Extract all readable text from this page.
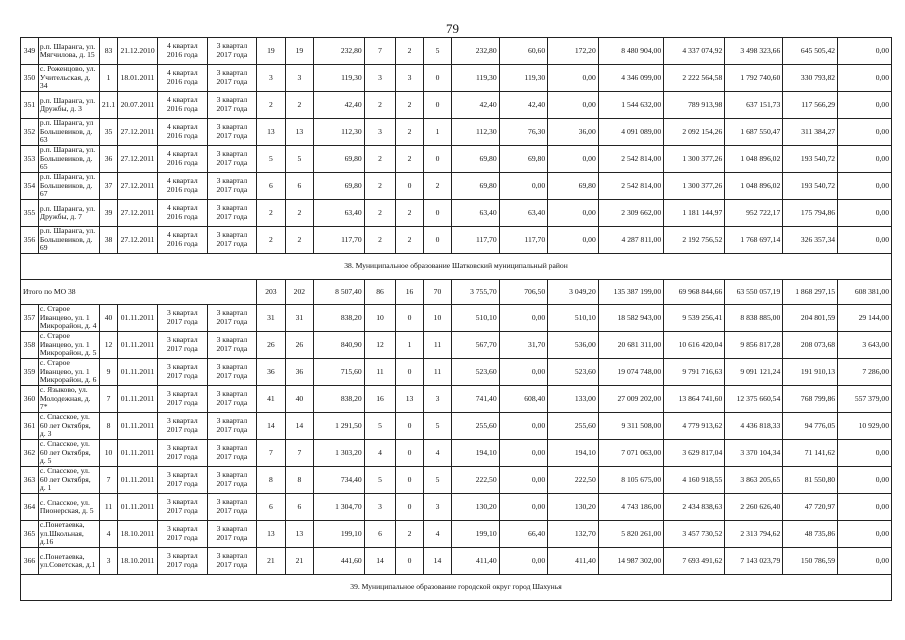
79
349	р.п. Шаранга, ул. Мягчилова, д. 15	83	21.12.2010	4 квартал 2016 года	3 квартал 2017 года	19	19	232,80	7	2	5	232,80	60,60	172,20	8 480 904,00	4 337 074,92	3 498 323,66	645 505,42	0,00
350	с. Роженцово, ул. Учительская, д. 34	1	18.01.2011	4 квартал 2016 года	3 квартал 2017 года	3	3	119,30	3	3	0	119,30	119,30	0,00	4 346 099,00	2 222 564,58	1 792 740,60	330 793,82	0,00
351	р.п. Шаранга, ул. Дружбы, д. 3	21.1	20.07.2011	4 квартал 2016 года	3 квартал 2017 года	2	2	42,40	2	2	0	42,40	42,40	0,00	1 544 632,00	789 913,98	637 151,73	117 566,29	0,00
352	р.п. Шаранга, ул Большевиков, д. 63	35	27.12.2011	4 квартал 2016 года	3 квартал 2017 года	13	13	112,30	3	2	1	112,30	76,30	36,00	4 091 089,00	2 092 154,26	1 687 550,47	311 384,27	0,00
353	р.п. Шаранга, ул. Большевиков, д. 65	36	27.12.2011	4 квартал 2016 года	3 квартал 2017 года	5	5	69,80	2	2	0	69,80	69,80	0,00	2 542 814,00	1 300 377,26	1 048 896,02	193 540,72	0,00
354	р.п. Шаранга, ул. Большевиков, д. 67	37	27.12.2011	4 квартал 2016 года	3 квартал 2017 года	6	6	69,80	2	0	2	69,80	0,00	69,80	2 542 814,00	1 300 377,26	1 048 896,02	193 540,72	0,00
355	р.п. Шаранга, ул. Дружбы, д. 7	39	27.12.2011	4 квартал 2016 года	3 квартал 2017 года	2	2	63,40	2	2	0	63,40	63,40	0,00	2 309 662,00	1 181 144,97	952 722,17	175 794,86	0,00
356	р.п. Шаранга, ул. Большевиков, д. 69	38	27.12.2011	4 квартал 2016 года	3 квартал 2017 года	2	2	117,70	2	2	0	117,70	117,70	0,00	4 287 811,00	2 192 756,52	1 768 697,14	326 357,34	0,00
38. Муниципальное образование Шатковский муниципальный район																			
Итого по МО 38						203	202	8 507,40	86	16	70	3 755,70	706,50	3 049,20	135 387 199,00	69 968 844,66	63 550 057,19	1 868 297,15	608 381,00
357	с. Старое Иванцево, ул. 1 Микрорайон, д. 4	40	01.11.2011	3 квартал 2017 года	3 квартал 2017 года	31	31	838,20	10	0	10	510,10	0,00	510,10	18 582 943,00	9 539 256,41	8 838 885,00	204 801,59	29 144,00
358	с. Старое Иванцево, ул. 1 Микрорайон, д. 5	12	01.11.2011	3 квартал 2017 года	3 квартал 2017 года	26	26	840,90	12	1	11	567,70	31,70	536,00	20 681 311,00	10 616 420,04	9 856 817,28	208 073,68	3 643,00
359	с. Старое Иванцево, ул. 1 Микрорайон, д. 6	9	01.11.2011	3 квартал 2017 года	3 квартал 2017 года	36	36	715,60	11	0	11	523,60	0,00	523,60	19 074 748,00	9 791 716,63	9 091 121,24	191 910,13	7 286,00
360	с. Языково, ул. Молодежная, д. 7*	7	01.11.2011	3 квартал 2017 года	3 квартал 2017 года	41	40	838,20	16	13	3	741,40	608,40	133,00	27 009 202,00	13 864 741,60	12 375 660,54	768 799,86	557 379,00
361	с. Спасское, ул. 60 лет Октября, д. 3	8	01.11.2011	3 квартал 2017 года	3 квартал 2017 года	14	14	1 291,50	5	0	5	255,60	0,00	255,60	9 311 508,00	4 779 913,62	4 436 818,33	94 776,05	10 929,00
362	с. Спасское, ул. 60 лет Октября, д. 5	10	01.11.2011	3 квартал 2017 года	3 квартал 2017 года	7	7	1 303,20	4	0	4	194,10	0,00	194,10	7 071 063,00	3 629 817,04	3 370 104,34	71 141,62	0,00
363	с. Спасское, ул. 60 лет Октября, д. 1	7	01.11.2011	3 квартал 2017 года	3 квартал 2017 года	8	8	734,40	5	0	5	222,50	0,00	222,50	8 105 675,00	4 160 918,55	3 863 205,65	81 550,80	0,00
364	с. Спасское, ул. Пионерская, д. 5	11	01.11.2011	3 квартал 2017 года	3 квартал 2017 года	6	6	1 304,70	3	0	3	130,20	0,00	130,20	4 743 186,00	2 434 838,63	2 260 626,40	47 720,97	0,00
365	с.Понетаевка, ул.Школьная, д.16	4	18.10.2011	3 квартал 2017 года	3 квартал 2017 года	13	13	199,10	6	2	4	199,10	66,40	132,70	5 820 261,00	3 457 730,52	2 313 794,62	48 735,86	0,00
366	с.Понетаевка, ул.Советская, д.1	3	18.10.2011	3 квартал 2017 года	3 квартал 2017 года	21	21	441,60	14	0	14	411,40	0,00	411,40	14 987 302,00	7 693 491,62	7 143 023,79	150 786,59	0,00
39. Муниципальное образование городской округ город Шахунья																			
